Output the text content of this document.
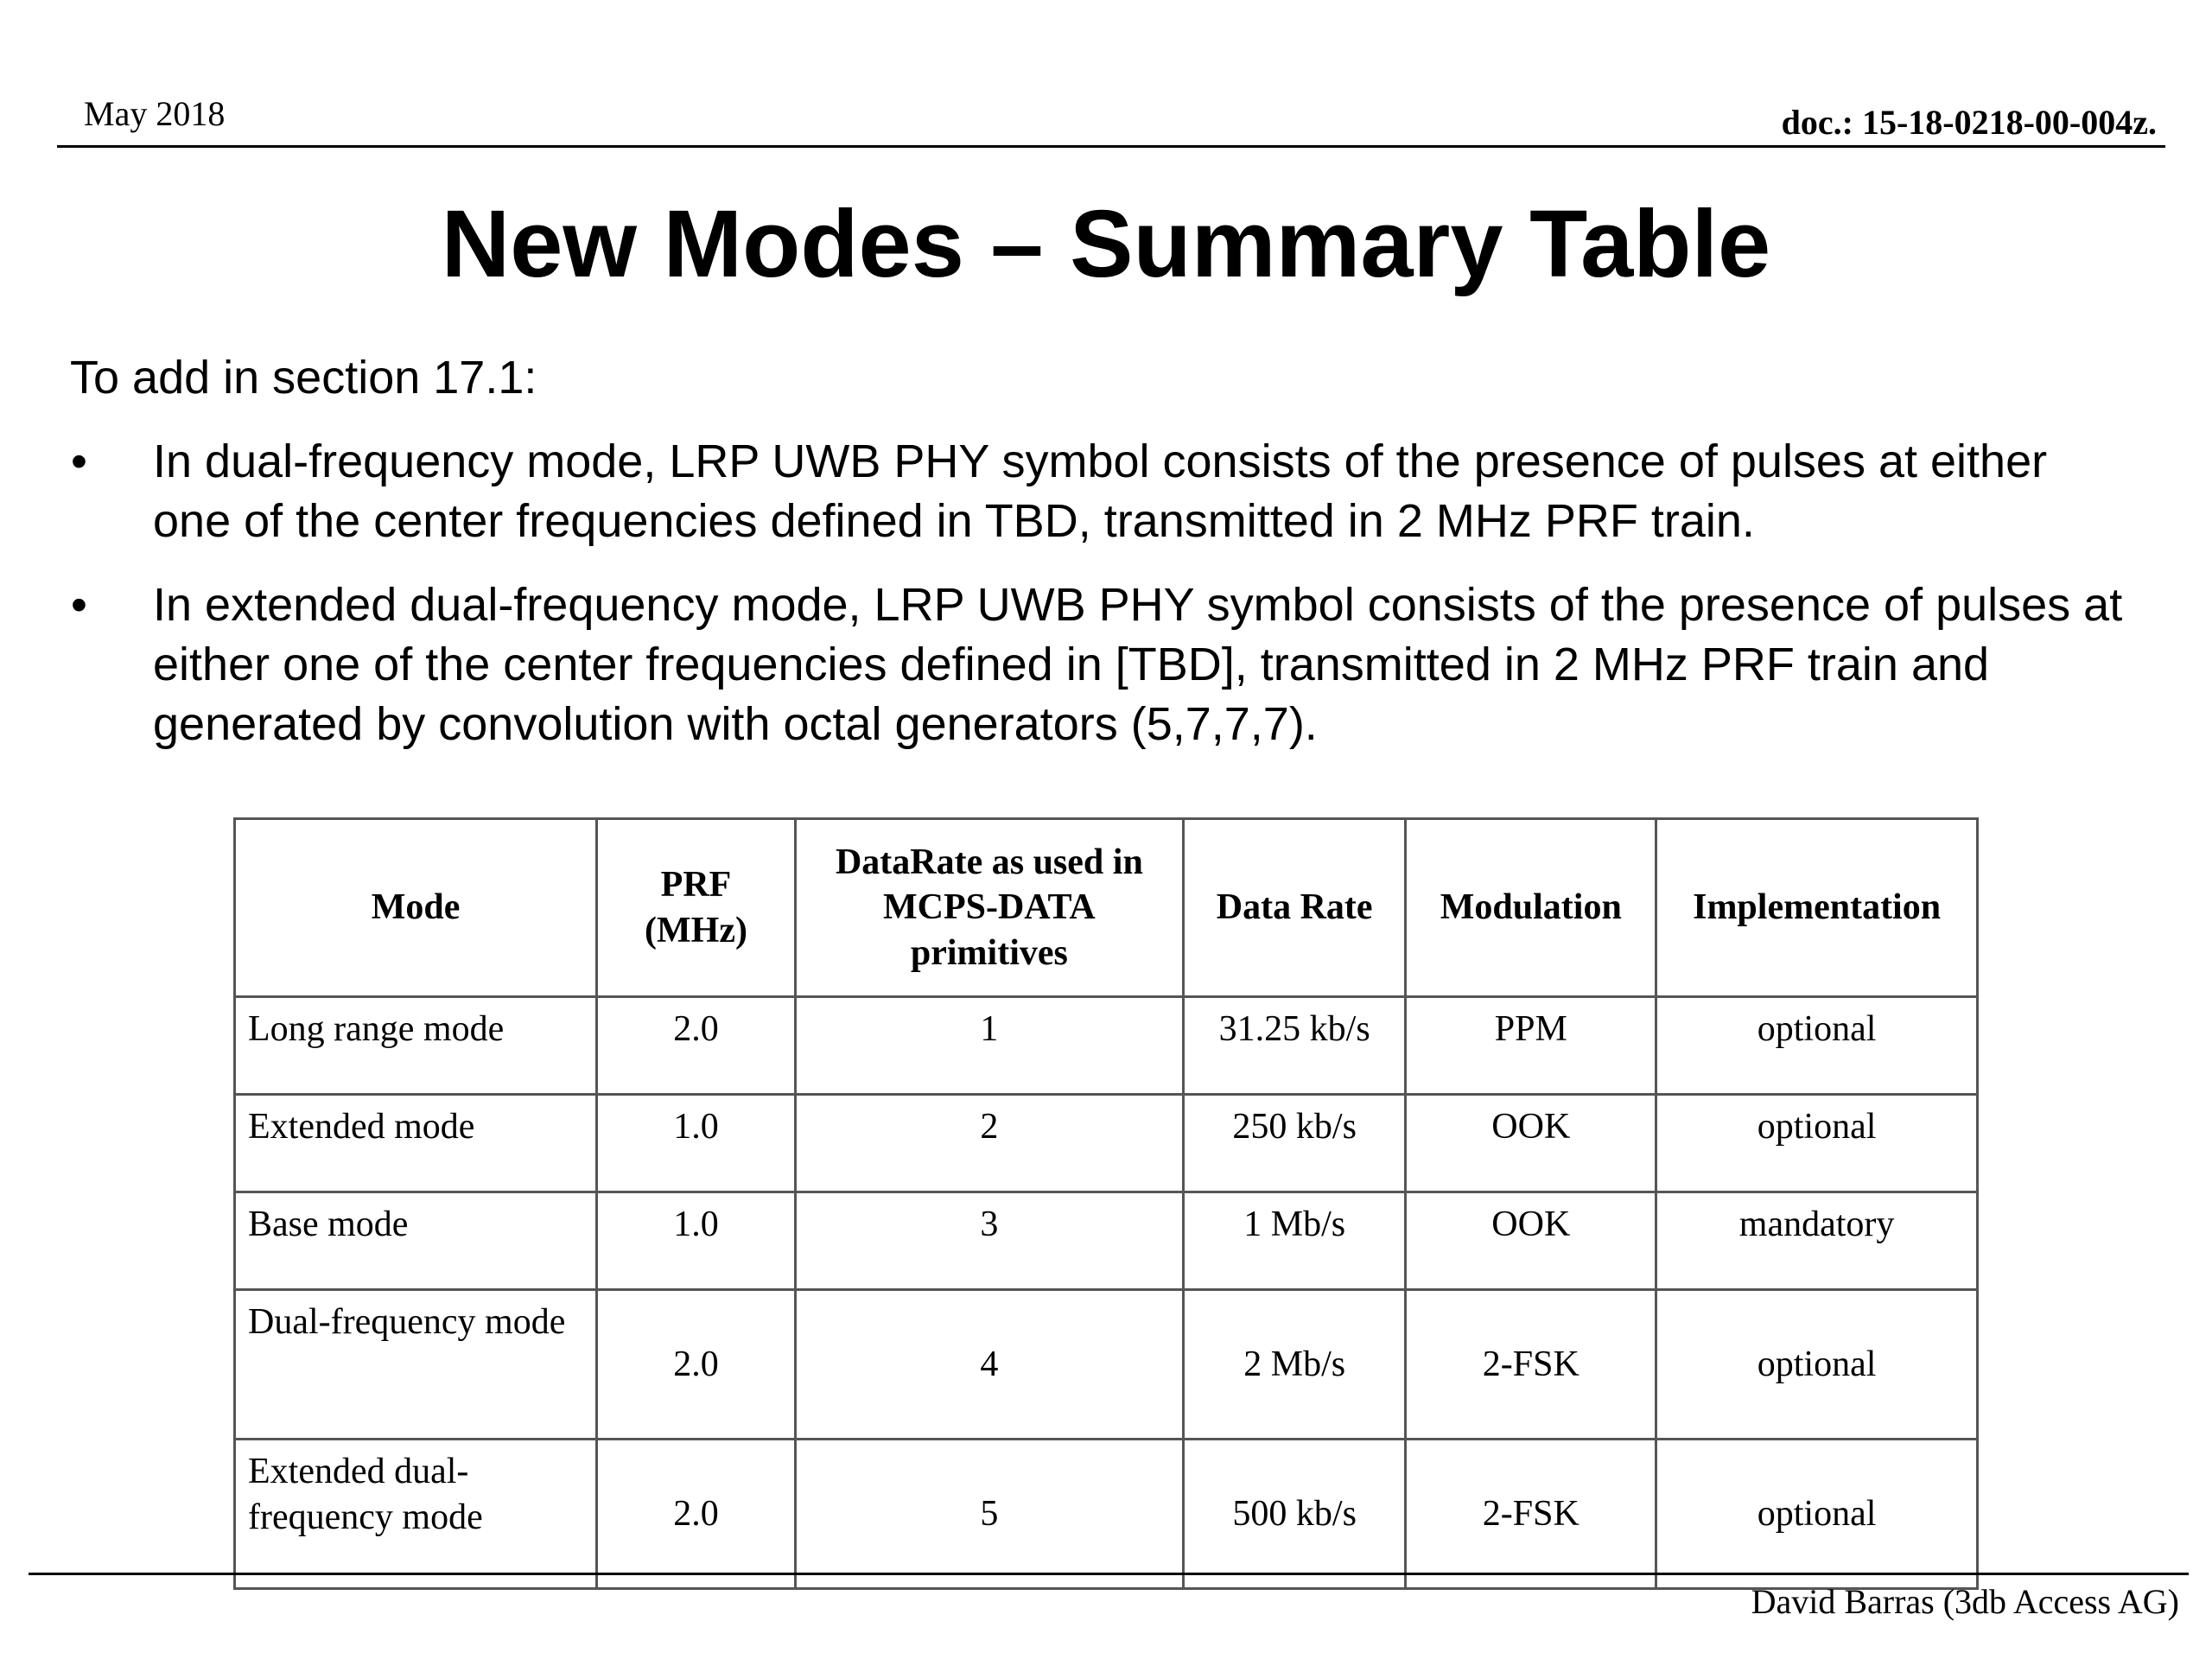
May 2018	doc.: 15-18-0218-00-004z.
New Modes – Summary Table
To add in section 17.1:
• In dual-frequency mode, LRP UWB PHY symbol consists of the presence of pulses at either one of the center frequencies defined in TBD, transmitted in 2 MHz PRF train.
• In extended dual-frequency mode, LRP UWB PHY symbol consists of the presence of pulses at either one of the center frequencies defined in [TBD], transmitted in 2 MHz PRF train and generated by convolution with octal generators (5,7,7,7).
Mode	PRF (MHz)	DataRate as used in MCPS-DATA primitives	Data Rate	Modulation	Implementation
Long range mode	2.0	1	31.25 kb/s	PPM	optional
Extended mode	1.0	2	250 kb/s	OOK	optional
Base mode	1.0	3	1 Mb/s	OOK	mandatory
Dual-frequency mode	2.0	4	2 Mb/s	2-FSK	optional
Extended dual-frequency mode	2.0	5	500 kb/s	2-FSK	optional
David Barras (3db Access AG)
